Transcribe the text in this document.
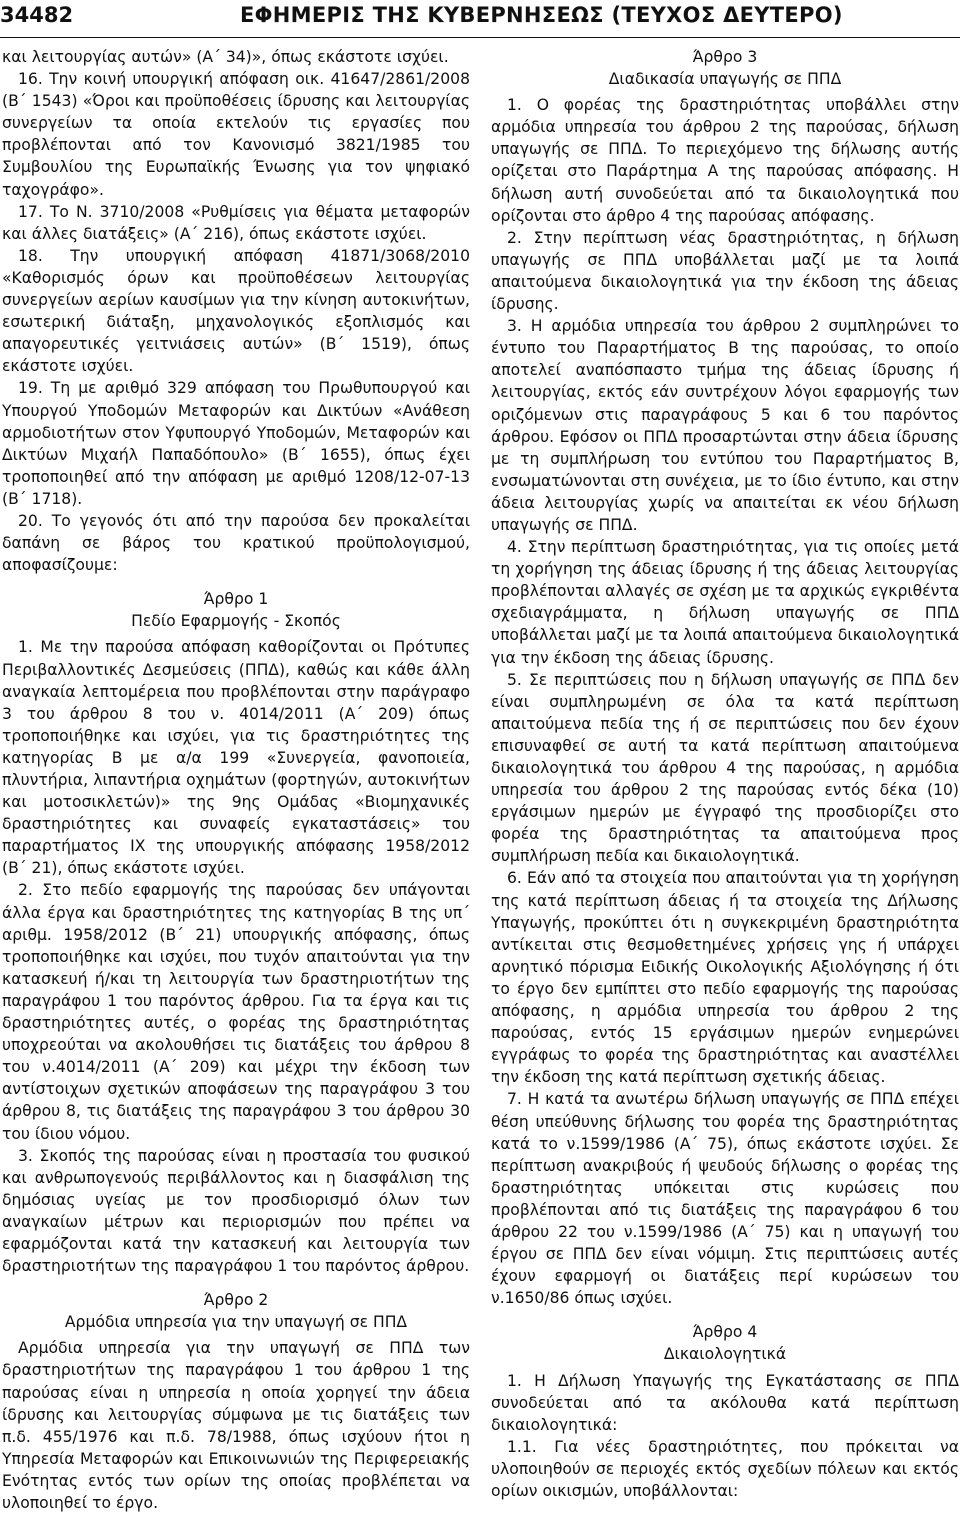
34482	ΕΦΗΜΕΡΙΣ ΤΗΣ ΚΥΒΕΡΝΗΣΕΩΣ (ΤΕΥΧΟΣ ΔΕΥΤΕΡΟ)

και λειτουργίας αυτών» (Α΄ 34)», όπως εκάστοτε ισχύει.

16. Την κοινή υπουργική απόφαση οικ. 41647/2861/2008 (Β΄ 1543) «Όροι και προϋποθέσεις ίδρυσης και λειτουργίας συνεργείων τα οποία εκτελούν τις εργασίες που προβλέπονται από τον Κανονισμό 3821/1985 του Συμβουλίου της Ευρωπαϊκής Ένωσης για τον ψηφιακό ταχογράφο».

17. Το Ν. 3710/2008 «Ρυθμίσεις για θέματα μεταφορών και άλλες διατάξεις» (Α΄ 216), όπως εκάστοτε ισχύει.

18. Την υπουργική απόφαση 41871/3068/2010 «Καθορισμός όρων και προϋποθέσεων λειτουργίας συνεργείων αερίων καυσίμων για την κίνηση αυτοκινήτων, εσωτερική διάταξη, μηχανολογικός εξοπλισμός και απαγορευτικές γειτνιάσεις αυτών» (Β΄ 1519), όπως εκάστοτε ισχύει.

19. Τη με αριθμό 329 απόφαση του Πρωθυπουργού και Υπουργού Υποδομών Μεταφορών και Δικτύων «Ανάθεση αρμοδιοτήτων στον Υφυπουργό Υποδομών, Μεταφορών και Δικτύων Μιχαήλ Παπαδόπουλο» (Β΄ 1655), όπως έχει τροποποιηθεί από την απόφαση με αριθμό 1208/12-07-13 (Β΄ 1718).

20. Το γεγονός ότι από την παρούσα δεν προκαλείται δαπάνη σε βάρος του κρατικού προϋπολογισμού, αποφασίζουμε:

Άρθρο 1
Πεδίο Εφαρμογής - Σκοπός

1. Με την παρούσα απόφαση καθορίζονται οι Πρότυπες Περιβαλλοντικές Δεσμεύσεις (ΠΠΔ), καθώς και κάθε άλλη αναγκαία λεπτομέρεια που προβλέπονται στην παράγραφο 3 του άρθρου 8 του ν. 4014/2011 (Α΄ 209) όπως τροποποιήθηκε και ισχύει, για τις δραστηριότητες της κατηγορίας Β με α/α 199 «Συνεργεία, φανοποιεία, πλυντήρια, λιπαντήρια οχημάτων (φορτηγών, αυτοκινήτων και μοτοσικλετών)» της 9ης Ομάδας «Βιομηχανικές δραστηριότητες και συναφείς εγκαταστάσεις» του παραρτήματος IX της υπουργικής απόφασης 1958/2012 (Β΄ 21), όπως εκάστοτε ισχύει.

2. Στο πεδίο εφαρμογής της παρούσας δεν υπάγονται άλλα έργα και δραστηριότητες της κατηγορίας Β της υπ΄ αριθμ. 1958/2012 (Β΄ 21) υπουργικής απόφασης, όπως τροποποιήθηκε και ισχύει, που τυχόν απαιτούνται για την κατασκευή ή/και τη λειτουργία των δραστηριοτήτων της παραγράφου 1 του παρόντος άρθρου. Για τα έργα και τις δραστηριότητες αυτές, ο φορέας της δραστηριότητας υποχρεούται να ακολουθήσει τις διατάξεις του άρθρου 8 του ν.4014/2011 (Α΄ 209) και μέχρι την έκδοση των αντίστοιχων σχετικών αποφάσεων της παραγράφου 3 του άρθρου 8, τις διατάξεις της παραγράφου 3 του άρθρου 30 του ίδιου νόμου.

3. Σκοπός της παρούσας είναι η προστασία του φυσικού και ανθρωπογενούς περιβάλλοντος και η διασφάλιση της δημόσιας υγείας με τον προσδιορισμό όλων των αναγκαίων μέτρων και περιορισμών που πρέπει να εφαρμόζονται κατά την κατασκευή και λειτουργία των δραστηριοτήτων της παραγράφου 1 του παρόντος άρθρου.

Άρθρο 2
Αρμόδια υπηρεσία για την υπαγωγή σε ΠΠΔ

Αρμόδια υπηρεσία για την υπαγωγή σε ΠΠΔ των δραστηριοτήτων της παραγράφου 1 του άρθρου 1 της παρούσας είναι η υπηρεσία η οποία χορηγεί την άδεια ίδρυσης και λειτουργίας σύμφωνα με τις διατάξεις των π.δ. 455/1976 και π.δ. 78/1988, όπως ισχύουν ήτοι η Υπηρεσία Μεταφορών και Επικοινωνιών της Περιφερειακής Ενότητας εντός των ορίων της οποίας προβλέπεται να υλοποιηθεί το έργο.

Άρθρο 3
Διαδικασία υπαγωγής σε ΠΠΔ

1. Ο φορέας της δραστηριότητας υποβάλλει στην αρμόδια υπηρεσία του άρθρου 2 της παρούσας, δήλωση υπαγωγής σε ΠΠΔ. Το περιεχόμενο της δήλωσης αυτής ορίζεται στο Παράρτημα Α της παρούσας απόφασης. Η δήλωση αυτή συνοδεύεται από τα δικαιολογητικά που ορίζονται στο άρθρο 4 της παρούσας απόφασης.

2. Στην περίπτωση νέας δραστηριότητας, η δήλωση υπαγωγής σε ΠΠΔ υποβάλλεται μαζί με τα λοιπά απαιτούμενα δικαιολογητικά για την έκδοση της άδειας ίδρυσης.

3. Η αρμόδια υπηρεσία του άρθρου 2 συμπληρώνει το έντυπο του Παραρτήματος Β της παρούσας, το οποίο αποτελεί αναπόσπαστο τμήμα της άδειας ίδρυσης ή λειτουργίας, εκτός εάν συντρέχουν λόγοι εφαρμογής των οριζόμενων στις παραγράφους 5 και 6 του παρόντος άρθρου. Εφόσον οι ΠΠΔ προσαρτώνται στην άδεια ίδρυσης με τη συμπλήρωση του εντύπου του Παραρτήματος Β, ενσωματώνονται στη συνέχεια, με το ίδιο έντυπο, και στην άδεια λειτουργίας χωρίς να απαιτείται εκ νέου δήλωση υπαγωγής σε ΠΠΔ.

4. Στην περίπτωση δραστηριότητας, για τις οποίες μετά τη χορήγηση της άδειας ίδρυσης ή της άδειας λειτουργίας προβλέπονται αλλαγές σε σχέση με τα αρχικώς εγκριθέντα σχεδιαγράμματα, η δήλωση υπαγωγής σε ΠΠΔ υποβάλλεται μαζί με τα λοιπά απαιτούμενα δικαιολογητικά για την έκδοση της άδειας ίδρυσης.

5. Σε περιπτώσεις που η δήλωση υπαγωγής σε ΠΠΔ δεν είναι συμπληρωμένη σε όλα τα κατά περίπτωση απαιτούμενα πεδία της ή σε περιπτώσεις που δεν έχουν επισυναφθεί σε αυτή τα κατά περίπτωση απαιτούμενα δικαιολογητικά του άρθρου 4 της παρούσας, η αρμόδια υπηρεσία του άρθρου 2 της παρούσας εντός δέκα (10) εργάσιμων ημερών με έγγραφό της προσδιορίζει στο φορέα της δραστηριότητας τα απαιτούμενα προς συμπλήρωση πεδία και δικαιολογητικά.

6. Εάν από τα στοιχεία που απαιτούνται για τη χορήγηση της κατά περίπτωση άδειας ή τα στοιχεία της Δήλωσης Υπαγωγής, προκύπτει ότι η συγκεκριμένη δραστηριότητα αντίκειται στις θεσμοθετημένες χρήσεις γης ή υπάρχει αρνητικό πόρισμα Ειδικής Οικολογικής Αξιολόγησης ή ότι το έργο δεν εμπίπτει στο πεδίο εφαρμογής της παρούσας απόφασης, η αρμόδια υπηρεσία του άρθρου 2 της παρούσας, εντός 15 εργάσιμων ημερών ενημερώνει εγγράφως το φορέα της δραστηριότητας και αναστέλλει την έκδοση της κατά περίπτωση σχετικής άδειας.

7. Η κατά τα ανωτέρω δήλωση υπαγωγής σε ΠΠΔ επέχει θέση υπεύθυνης δήλωσης του φορέα της δραστηριότητας κατά το ν.1599/1986 (Α΄ 75), όπως εκάστοτε ισχύει. Σε περίπτωση ανακριβούς ή ψευδούς δήλωσης ο φορέας της δραστηριότητας υπόκειται στις κυρώσεις που προβλέπονται από τις διατάξεις της παραγράφου 6 του άρθρου 22 του ν.1599/1986 (Α΄ 75) και η υπαγωγή του έργου σε ΠΠΔ δεν είναι νόμιμη. Στις περιπτώσεις αυτές έχουν εφαρμογή οι διατάξεις περί κυρώσεων του ν.1650/86 όπως ισχύει.

Άρθρο 4
Δικαιολογητικά

1. Η Δήλωση Υπαγωγής της Εγκατάστασης σε ΠΠΔ συνοδεύεται από τα ακόλουθα κατά περίπτωση δικαιολογητικά:

1.1. Για νέες δραστηριότητες, που πρόκειται να υλοποιηθούν σε περιοχές εκτός σχεδίων πόλεων και εκτός ορίων οικισμών, υποβάλλονται:
